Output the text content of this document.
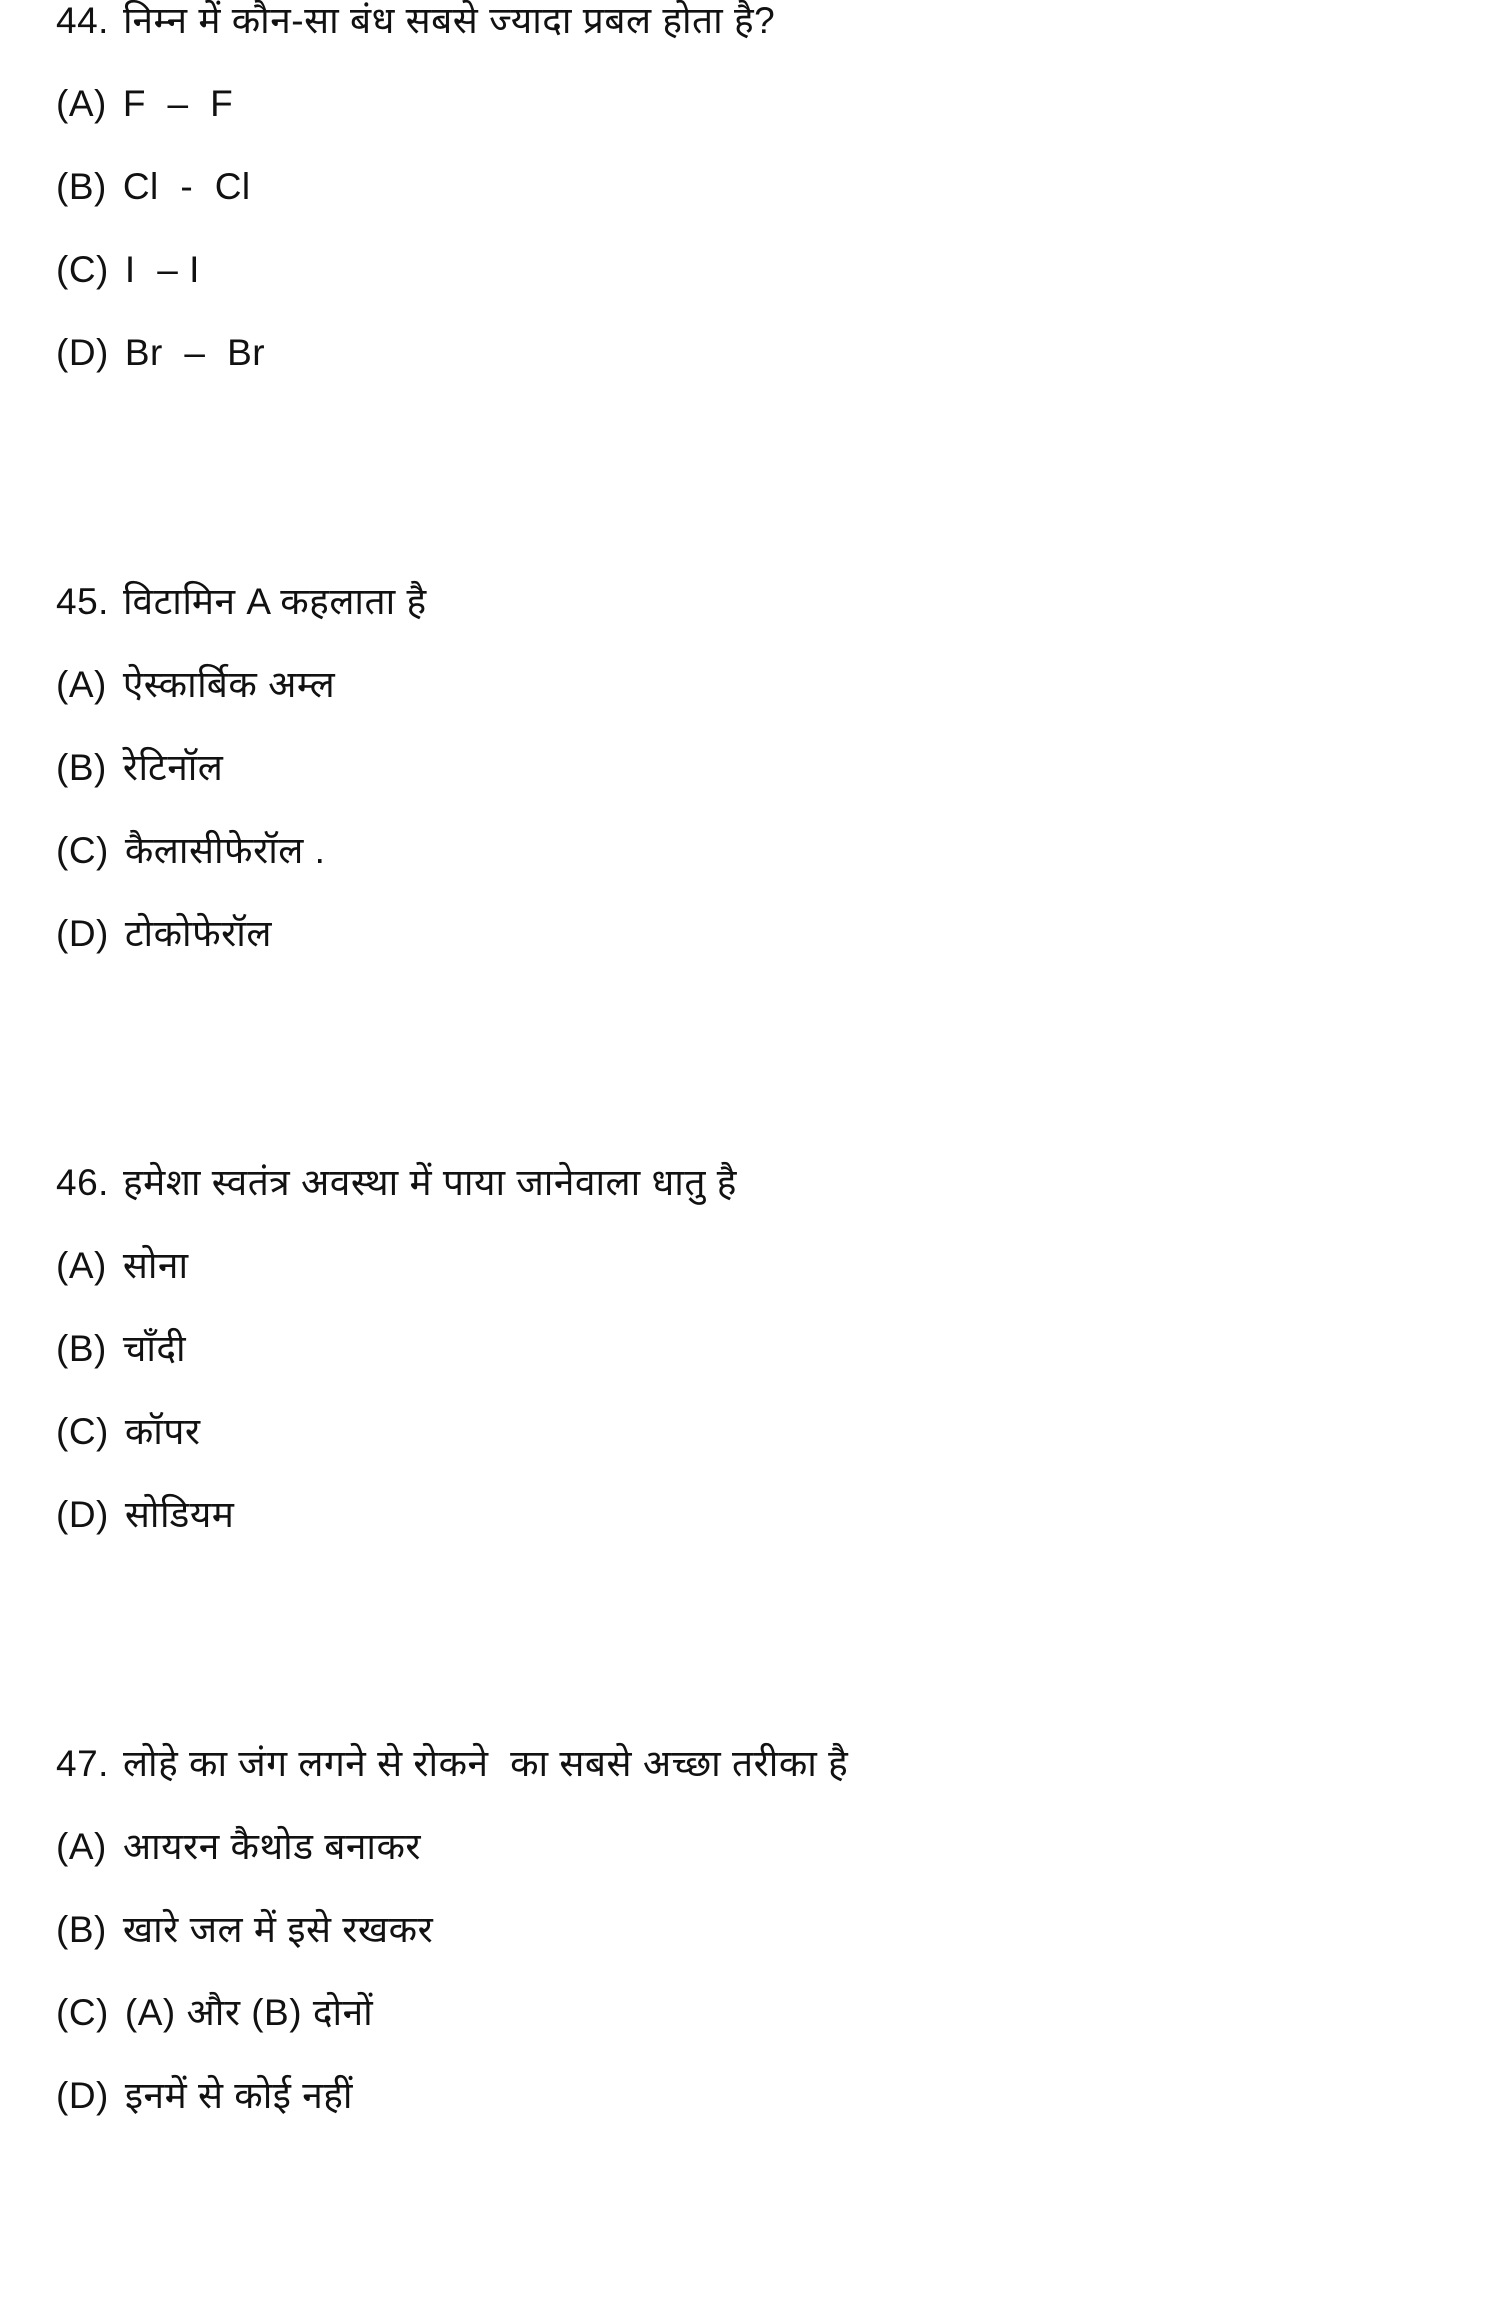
44. निम्न में कौन-सा बंध सबसे ज्यादा प्रबल होता है?
(A) F  –  F
(B) Cl  -  Cl
(C) I  – I
(D) Br  –  Br
45. विटामिन A कहलाता है
(A) ऐस्कार्बिक अम्ल
(B) रेटिनॉल
(C) कैलासीफेरॉल .
(D) टोकोफेरॉल
46. हमेशा स्वतंत्र अवस्था में पाया जानेवाला धातु है
(A) सोना
(B) चाँदी
(C) कॉपर
(D) सोडियम
47. लोहे का जंग लगने से रोकने  का सबसे अच्छा तरीका है
(A) आयरन कैथोड बनाकर
(B) खारे जल में इसे रखकर
(C) (A) और (B) दोनों
(D) इनमें से कोई नहीं
